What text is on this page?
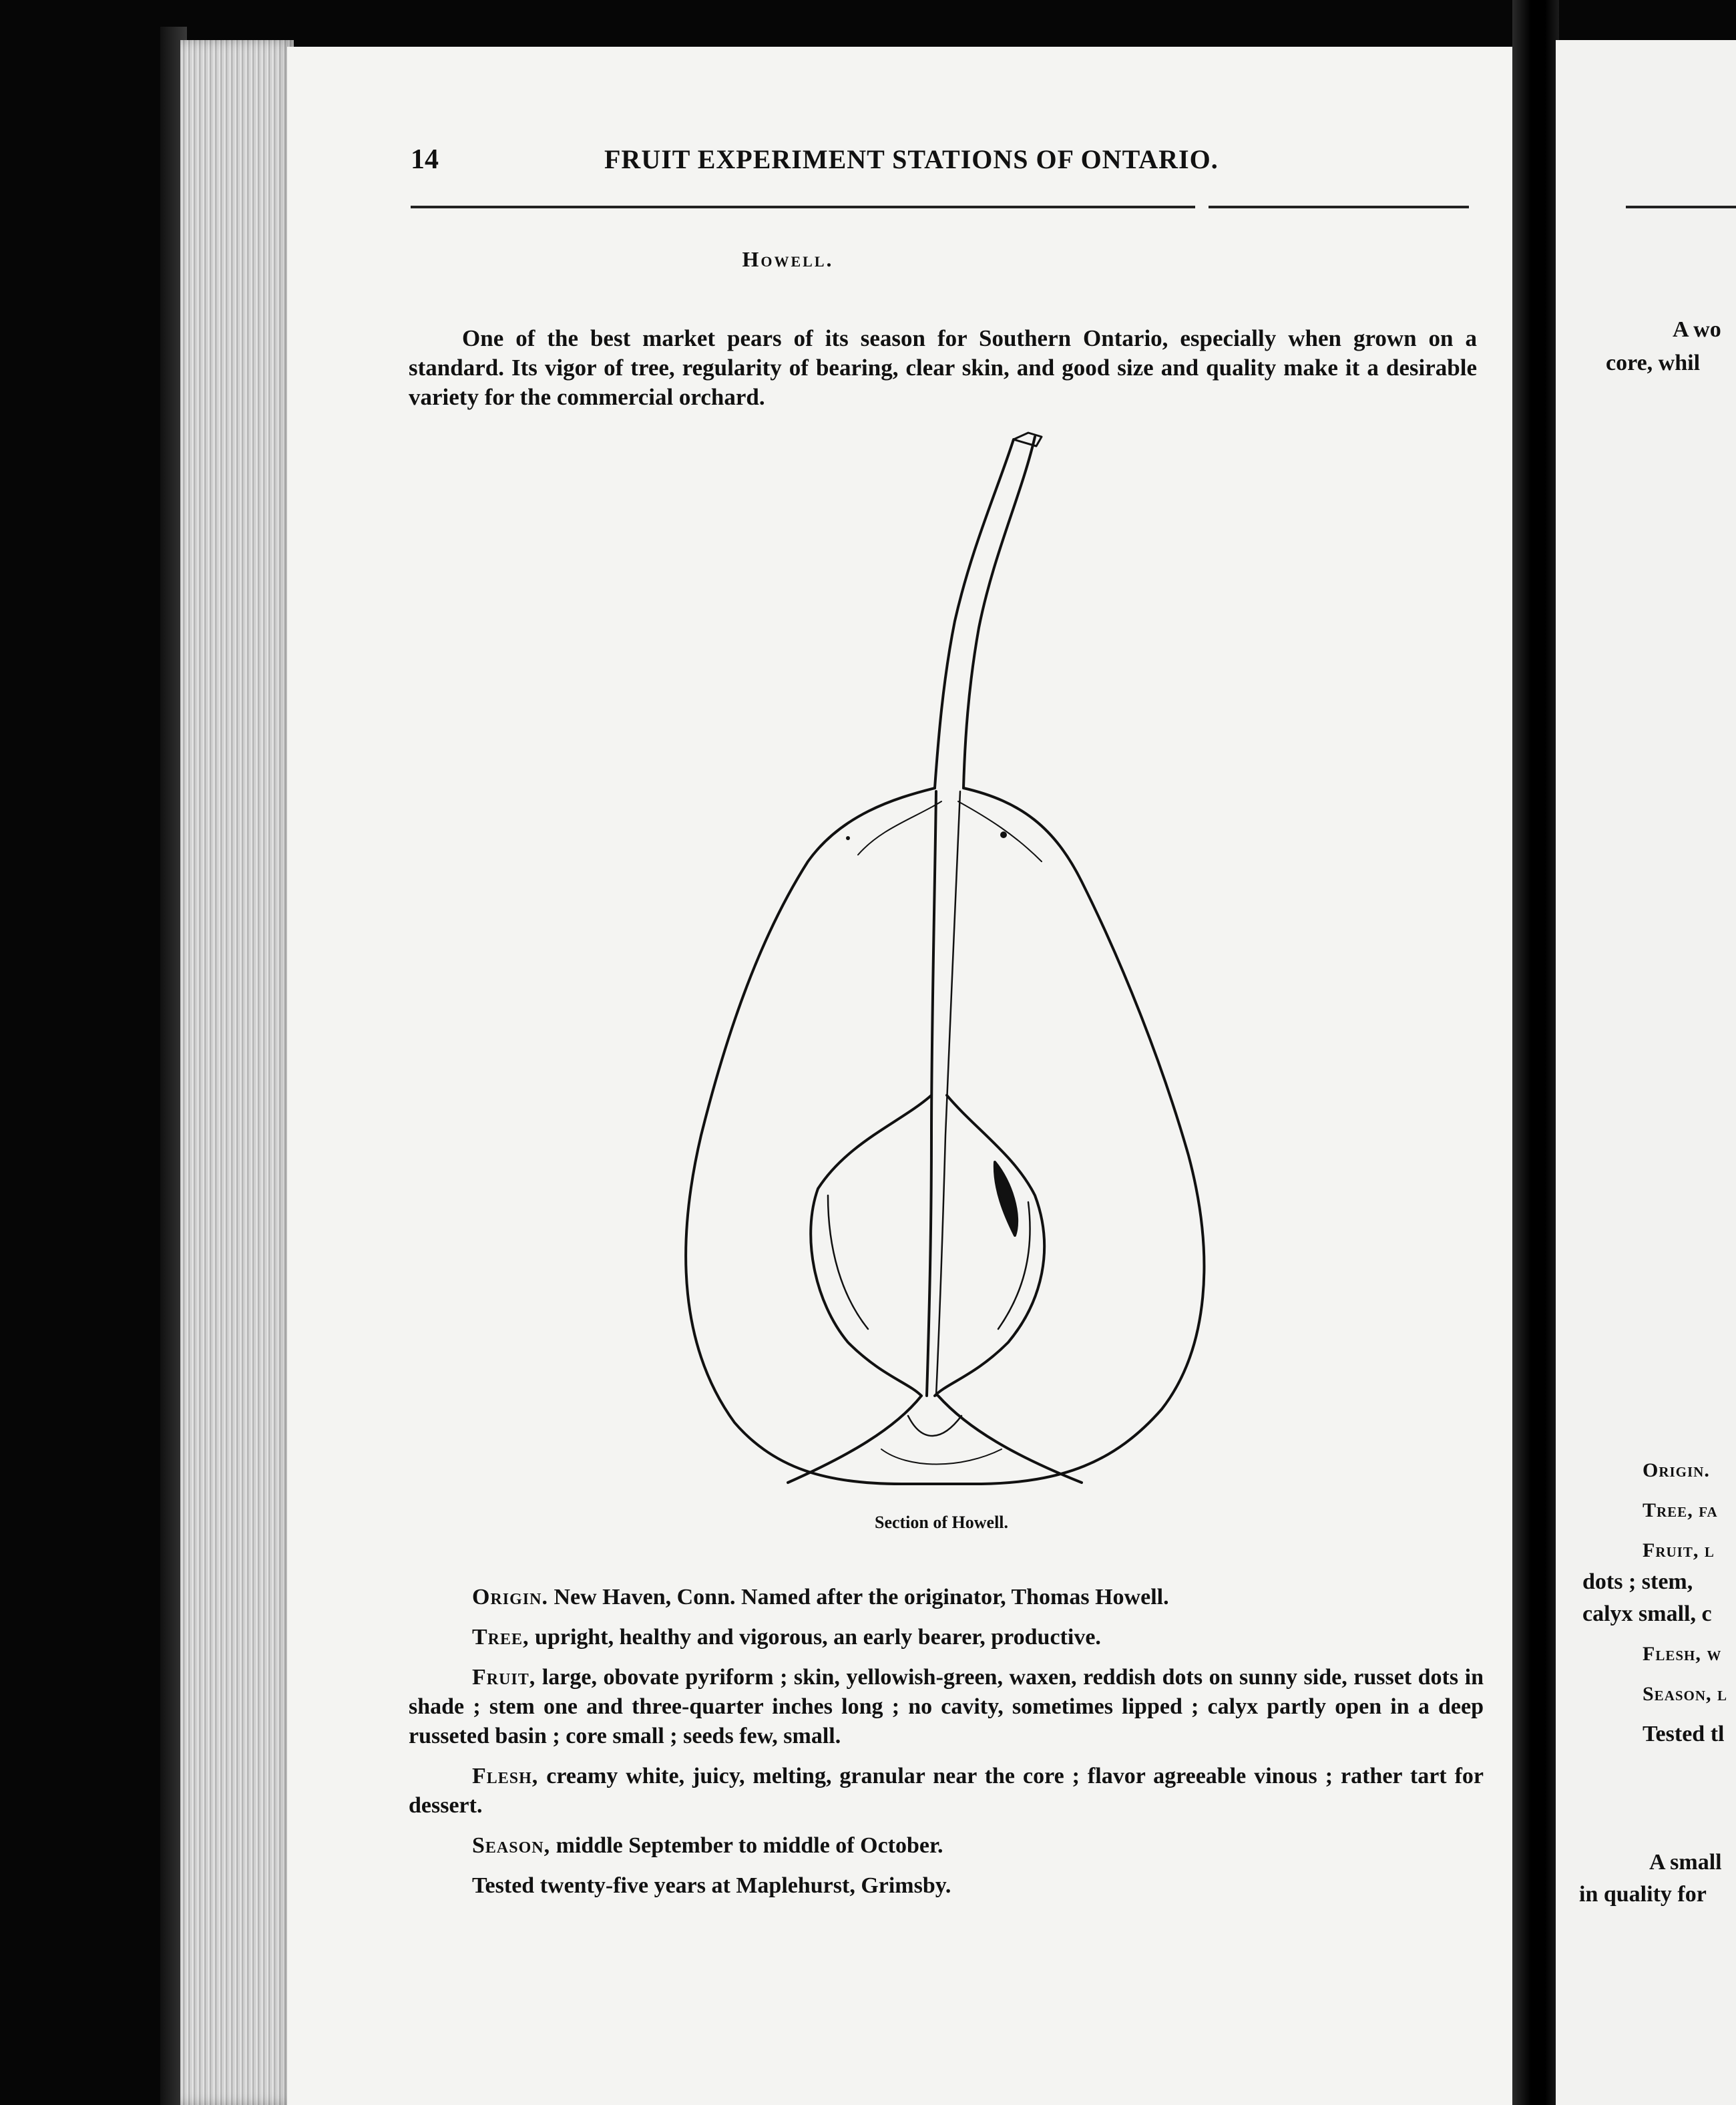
14	FRUIT EXPERIMENT STATIONS OF ONTARIO.
Howell.

One of the best market pears of its season for Southern Ontario, especially when grown on a standard. Its vigor of tree, regularity of bearing, clear skin, and good size and quality make it a desirable variety for the commercial orchard.

Section of Howell.

Origin. New Haven, Conn. Named after the originator, Thomas Howell.

Tree, upright, healthy and vigorous, an early bearer, productive.

Fruit, large, obovate pyriform ; skin, yellowish-green, waxen, reddish dots on sunny side, russet dots in shade ; stem one and three-quarter inches long ; no cavity, sometimes lipped ; calyx partly open in a deep russeted basin ; core small ; seeds few, small.

Flesh, creamy white, juicy, melting, granular near the core ; flavor agreeable vinous ; rather tart for dessert.

Season, middle September to middle of October.

Tested twenty-five years at Maplehurst, Grimsby.

A wo
core, whil
Origin.
Tree, fa
Fruit, l
dots ; stem,
calyx small, c
Flesh, w
Season, l
Tested tl
A small
in quality for
